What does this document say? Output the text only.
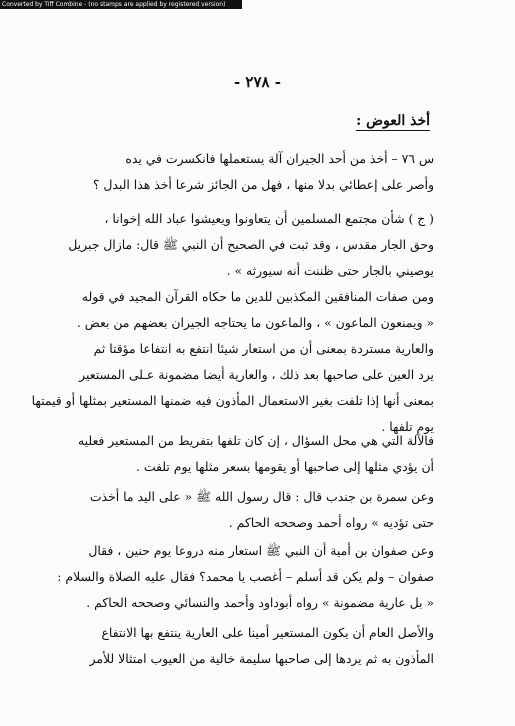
Converted by Tiff Combine - (no stamps are applied by registered version)
- ٢٧٨ -
أخذ العوض :
س ٧٦ – أخذ من أحد الجيران آلة يستعملها فانكسرت في يده
وأصر على إعطائي بدلا منها ، فهل من الجائز شرعا أخذ هذا البدل ؟
( ج ) شأن مجتمع المسلمين أن يتعاونوا ويعيشوا عباد الله إخوانا ،
وحق الجار مقدس ، وقد ثبت في الصحيح أن النبي ﷺ قال: مازال جبريل
يوصيني بالجار حتى ظننت أنه سيورثه » .
ومن صفات المنافقين المكذبين للدين ما حكاه القرآن المجيد في قوله
« ويمنعون الماعون » ، والماعون ما يحتاجه الجيران بعضهم من بعض .
والعارية مستردة بمعنى أن من استعار شيئا انتفع به انتفاعا مؤقتا ثم
يرد العين على صاحبها بعد ذلك ، والعارية أيضا مضمونة عـلى المستعير
بمعنى أنها إذا تلفت بغير الاستعمال المأذون فيه ضمنها المستعير بمثلها أو قيمتها
يوم تلفها .
فالآلة التي هي محل السؤال ، إن كان تلفها بتفريط من المستعير فعليه
أن يؤدي مثلها إلى صاحبها أو يقومها بسعر مثلها يوم تلفت .
وعن سمرة بن جندب قال : قال رسول الله ﷺ « على اليد ما أخذت
حتى تؤديه » رواه أحمد وصححه الحاكم .
وعن صفوان بن أمية أن النبي ﷺ استعار منه دروعا يوم حنين ، فقال
صفوان – ولم يكن قد أسلم – أغصب يا محمد؟ فقال عليه الصلاة والسلام :
« بل عارية مضمونة » رواه أبوداود وأحمد والنسائي وصححه الحاكم .
والأصل العام أن يكون المستعير أمينا على العارية ينتفع بها الانتفاع
المأذون به ثم يردها إلى صاحبها سليمة خالية من العيوب امتثالا للأمر
